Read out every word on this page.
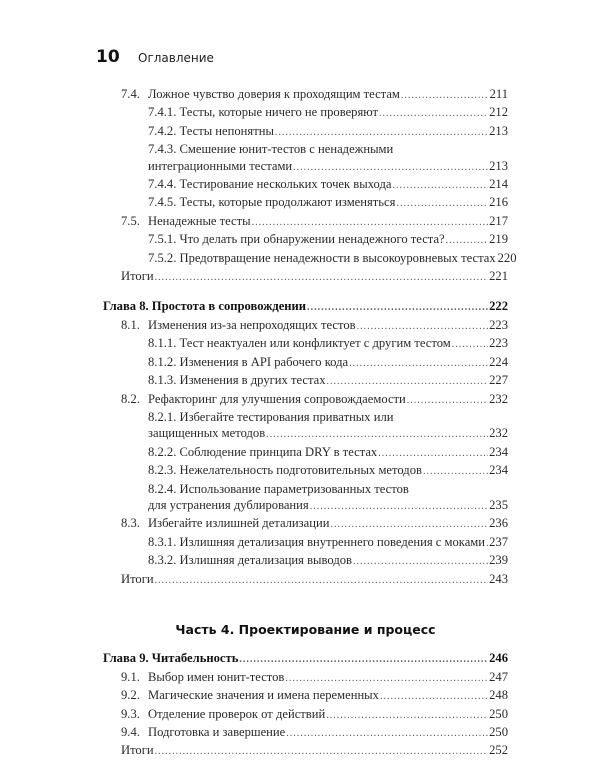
10 Оглавление
7.4. Ложное чувство доверия к проходящим тестам .....	211
7.4.1. Тесты, которые ничего не проверяют .....	212
7.4.2. Тесты непонятны .....	213
7.4.3. Смешение юнит-тестов с ненадежными
интеграционными тестами .....	213
7.4.4. Тестирование нескольких точек выхода .....	214
7.4.5. Тесты, которые продолжают изменяться .....	216
7.5. Ненадежные тесты .....	217
7.5.1. Что делать при обнаружении ненадежного теста? .....	219
7.5.2. Предотвращение ненадежности в высокоуровневых тестах 220
Итоги .....	221
Глава 8. Простота в сопровождении .....	222
8.1. Изменения из-за непроходящих тестов .....	223
8.1.1. Тест неактуален или конфликтует с другим тестом .....	223
8.1.2. Изменения в API рабочего кода .....	224
8.1.3. Изменения в других тестах .....	227
8.2. Рефакторинг для улучшения сопровождаемости .....	232
8.2.1. Избегайте тестирования приватных или
защищенных методов .....	232
8.2.2. Соблюдение принципа DRY в тестах .....	234
8.2.3. Нежелательность подготовительных методов .....	234
8.2.4. Использование параметризованных тестов
для устранения дублирования .....	235
8.3. Избегайте излишней детализации .....	236
8.3.1. Излишняя детализация внутреннего поведения с моками ..... 237
8.3.2. Излишняя детализация выводов .....	239
Итоги .....	243
Часть 4. Проектирование и процесс
Глава 9. Читабельность .....	246
9.1. Выбор имен юнит-тестов .....	247
9.2. Магические значения и имена переменных .....	248
9.3. Отделение проверок от действий .....	250
9.4. Подготовка и завершение .....	250
Итоги .....	252
